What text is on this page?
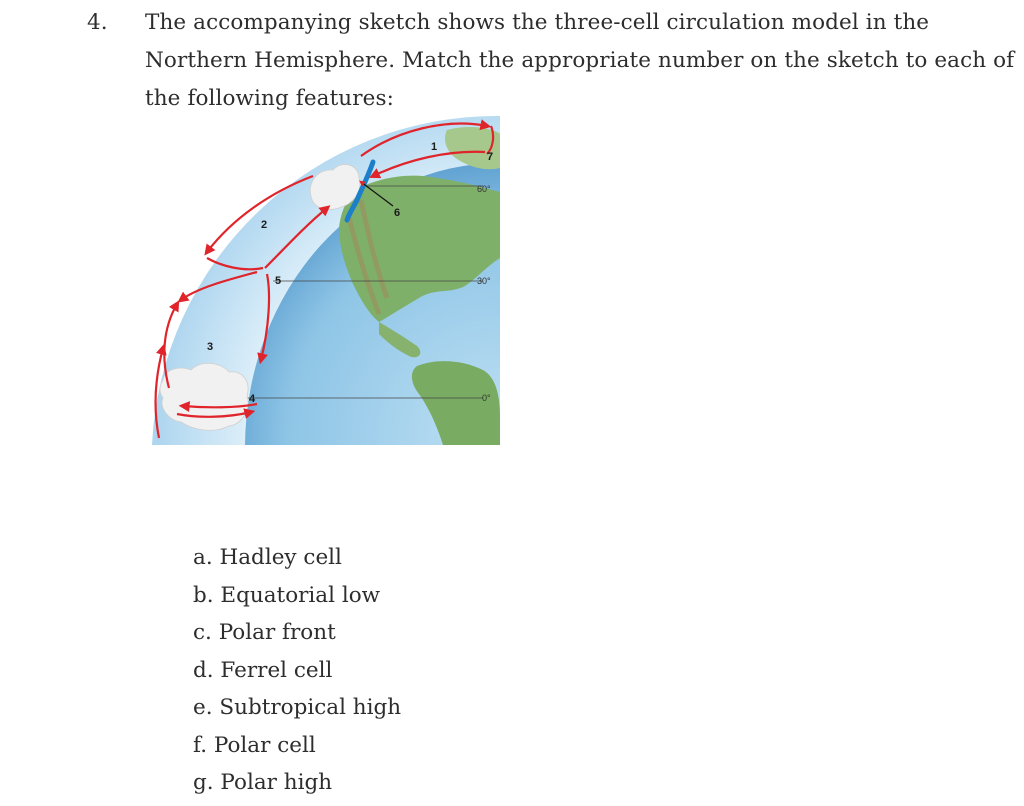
4. The accompanying sketch shows the three-cell circulation model in the Northern Hemisphere. Match the appropriate number on the sketch to each of the following features:
1
2
3
4
5
6
7
60°
30°
0°
a. Hadley cell
b. Equatorial low
c. Polar front
d. Ferrel cell
e. Subtropical high
f. Polar cell
g. Polar high
